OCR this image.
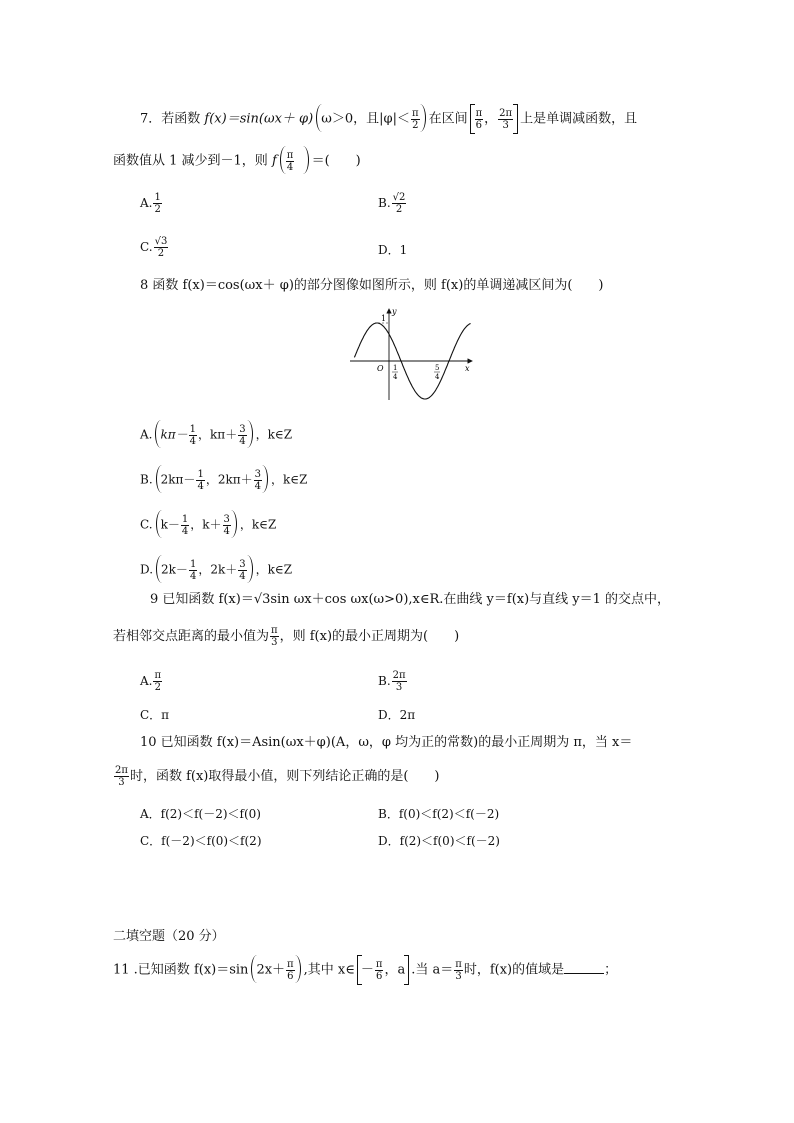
7．若函数 f(x)＝sin(ωx＋ φ) ω＞0，且$|\varphi|< \frac{\pi}{2}$ 在区间 $\frac{\pi}{6}$ ， $\frac{2\pi}{3}$ 上是单调减函数，且
函数值从 1 减少到－1，则 f $\frac{\pi}{4}$ ＝(　　)
A. $\frac{1}{2}$	B. $\frac{√2}{2}$
C. $\frac{√3}{2}$	D．1
8 函数 f(x)＝cos(ωx＋ φ)的部分图像如图所示，则 f(x)的单调递减区间为(　　)
y
x
O
1
1
4
5
4
A. $k\pi- \frac{1}{4}$ ，$k\pi+ \frac{3}{4}$ ，k∈Z
B. $2k\pi- \frac{1}{4}$ ，$2k\pi+ \frac{3}{4}$ ，k∈Z
C. $k- \frac{1}{4}$ ，$k+ \frac{3}{4}$ ，k∈Z
D. $2k- \frac{1}{4}$ ，$2k+ \frac{3}{4}$ ，k∈Z
9 已知函数 f(x)＝√3sin ωx＋cos ωx(ω>0),x∈R.在曲线 y＝f(x)与直线 y＝1 的交点中，
若相邻交点距离的最小值为 $\frac{\pi}{3}$ ，则 f(x)的最小正周期为(　　)
A. $\frac{\pi}{2}$	B. $\frac{2\pi}{3}$
C．π	D．2π
10 已知函数 f(x)＝Asin(ωx＋φ)(A，ω，φ 均为正的常数)的最小正周期为 π，当 x＝
$\frac{2\pi}{3}$ 时，函数 f(x)取得最小值，则下列结论正确的是(　　)
A．f(2)＜f(－2)＜f(0)	B．f(0)＜f(2)＜f(－2)
C．f(－2)＜f(0)＜f(2)	D．f(2)＜f(0)＜f(－2)
二填空题（20 分）
11 .已知函数 f(x)＝sin $2x+ \frac{\pi}{6}$ ,其中 x∈ － $\frac{\pi}{6}$ ，a .当 $a= \frac{\pi}{3}$ 时，f(x)的值域是	；
